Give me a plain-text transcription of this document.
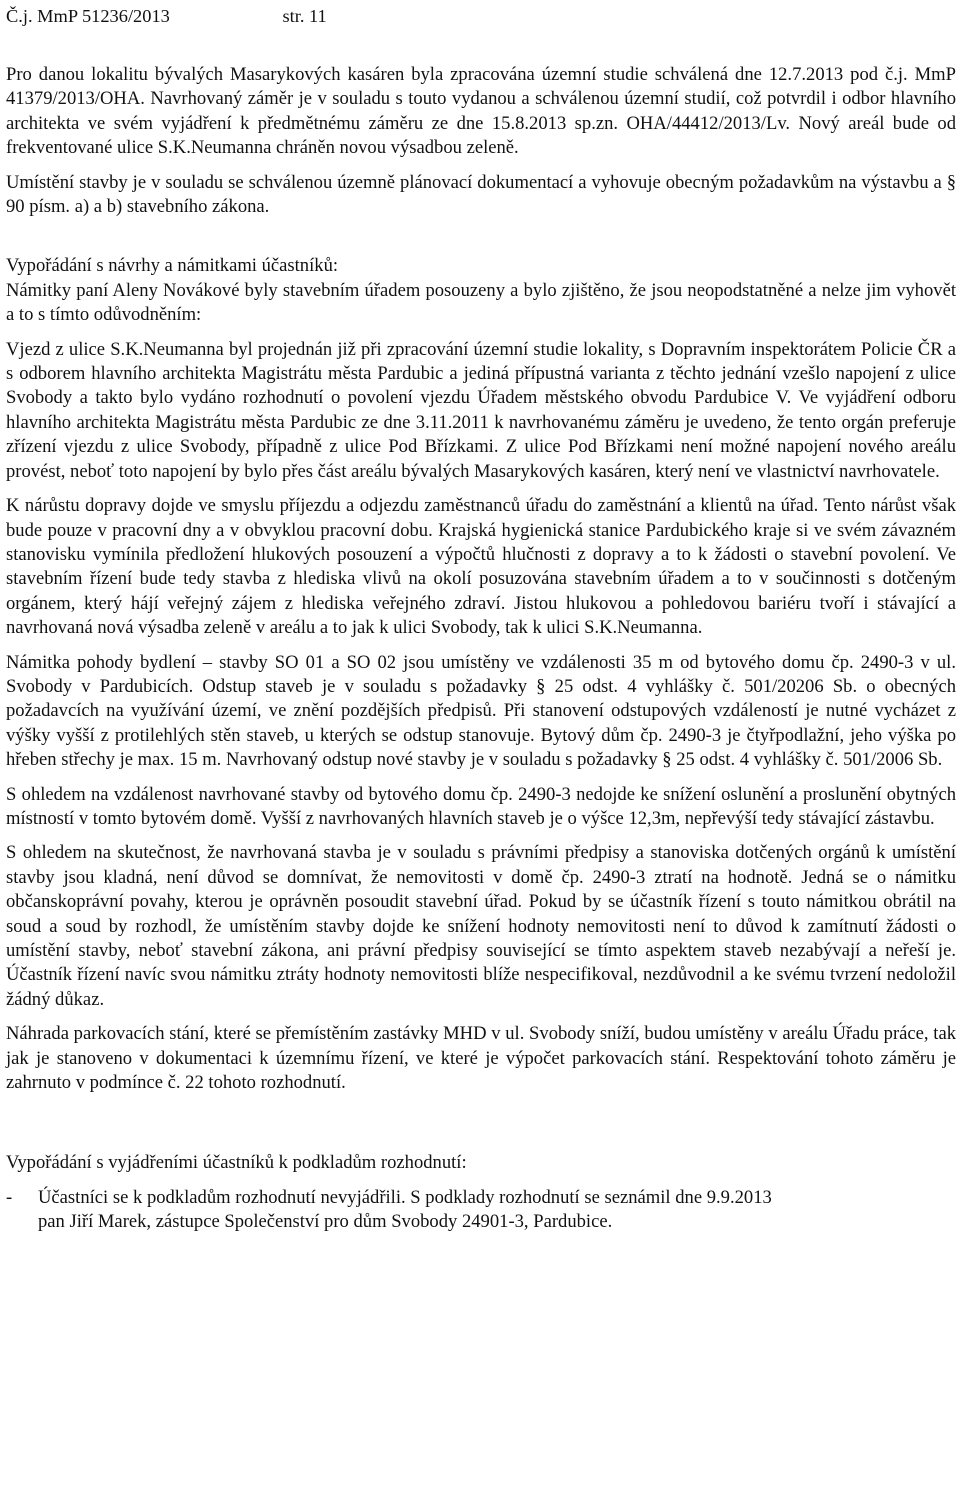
Č.j. MmP 51236/2013	str. 11

Pro danou lokalitu bývalých Masarykových kasáren byla zpracována územní studie schválená dne 12.7.2013 pod č.j. MmP 41379/2013/OHA. Navrhovaný záměr je v souladu s touto vydanou a schválenou územní studií, což potvrdil i odbor hlavního architekta ve svém vyjádření k předmětnému záměru ze dne 15.8.2013 sp.zn. OHA/44412/2013/Lv. Nový areál bude od frekventované ulice S.K.Neumanna chráněn novou výsadbou zeleně.

Umístění stavby je v souladu se schválenou územně plánovací dokumentací a vyhovuje obecným požadavkům na výstavbu a § 90 písm. a) a b) stavebního zákona.

Vypořádání s návrhy a námitkami účastníků:

Námitky paní Aleny Novákové byly stavebním úřadem posouzeny a bylo zjištěno, že jsou neopodstatněné a nelze jim vyhovět a to s tímto odůvodněním:

Vjezd z ulice S.K.Neumanna byl projednán již při zpracování územní studie lokality, s Dopravním inspektorátem Policie ČR a s odborem hlavního architekta Magistrátu města Pardubic a jediná přípustná varianta z těchto jednání vzešlo napojení z ulice Svobody a takto bylo vydáno rozhodnutí o povolení vjezdu Úřadem městského obvodu Pardubice V. Ve vyjádření odboru hlavního architekta Magistrátu města Pardubic ze dne 3.11.2011 k navrhovanému záměru je uvedeno, že tento orgán preferuje zřízení vjezdu z ulice Svobody, případně z ulice Pod Břízkami. Z ulice Pod Břízkami není možné napojení nového areálu provést, neboť toto napojení by bylo přes část areálu bývalých Masarykových kasáren, který není ve vlastnictví navrhovatele.

K nárůstu dopravy dojde ve smyslu příjezdu a odjezdu zaměstnanců úřadu do zaměstnání a klientů na úřad. Tento nárůst však bude pouze v pracovní dny a v obvyklou pracovní dobu. Krajská hygienická stanice Pardubického kraje si ve svém závazném stanovisku vymínila předložení hlukových posouzení a výpočtů hlučnosti z dopravy a to k žádosti o stavební povolení. Ve stavebním řízení bude tedy stavba z hlediska vlivů na okolí posuzována stavebním úřadem a to v součinnosti s dotčeným orgánem, který hájí veřejný zájem z hlediska veřejného zdraví. Jistou hlukovou a pohledovou bariéru tvoří i stávající a navrhovaná nová výsadba zeleně v areálu a to jak k ulici Svobody, tak k ulici S.K.Neumanna.

Námitka pohody bydlení – stavby SO 01 a SO 02 jsou umístěny ve vzdálenosti 35 m od bytového domu čp. 2490-3 v ul. Svobody v Pardubicích. Odstup staveb je v souladu s požadavky § 25 odst. 4 vyhlášky č. 501/20206 Sb. o obecných požadavcích na využívání území, ve znění pozdějších předpisů. Při stanovení odstupových vzdáleností je nutné vycházet z výšky vyšší z protilehlých stěn staveb, u kterých se odstup stanovuje. Bytový dům čp. 2490-3 je čtyřpodlažní, jeho výška po hřeben střechy je max. 15 m. Navrhovaný odstup nové stavby je v souladu s požadavky § 25 odst. 4 vyhlášky č. 501/2006 Sb.

S ohledem na vzdálenost navrhované stavby od bytového domu čp. 2490-3 nedojde ke snížení oslunění a proslunění obytných místností v tomto bytovém domě. Vyšší z navrhovaných hlavních staveb je o výšce 12,3m, nepřevýší tedy stávající zástavbu.

S ohledem na skutečnost, že navrhovaná stavba je v souladu s právními předpisy a stanoviska dotčených orgánů k umístění stavby jsou kladná, není důvod se domnívat, že nemovitosti v domě čp. 2490-3 ztratí na hodnotě. Jedná se o námitku občanskoprávní povahy, kterou je oprávněn posoudit stavební úřad. Pokud by se účastník řízení s touto námitkou obrátil na soud a soud by rozhodl, že umístěním stavby dojde ke snížení hodnoty nemovitosti není to důvod k zamítnutí žádosti o umístění stavby, neboť stavební zákona, ani právní předpisy související se tímto aspektem staveb nezabývají a neřeší je. Účastník řízení navíc svou námitku ztráty hodnoty nemovitosti blíže nespecifikoval, nezdůvodnil a ke svému tvrzení nedoložil žádný důkaz.

Náhrada parkovacích stání, které se přemístěním zastávky MHD v ul. Svobody sníží, budou umístěny v areálu Úřadu práce, tak jak je stanoveno v dokumentaci k územnímu řízení, ve které je výpočet parkovacích stání. Respektování tohoto záměru je zahrnuto v podmínce č. 22 tohoto rozhodnutí.

Vypořádání s vyjádřeními účastníků k podkladům rozhodnutí:

-	Účastníci se k podkladům rozhodnutí nevyjádřili. S podklady rozhodnutí se seznámil dne 9.9.2013
pan Jiří Marek, zástupce Společenství pro dům Svobody 24901-3, Pardubice.
